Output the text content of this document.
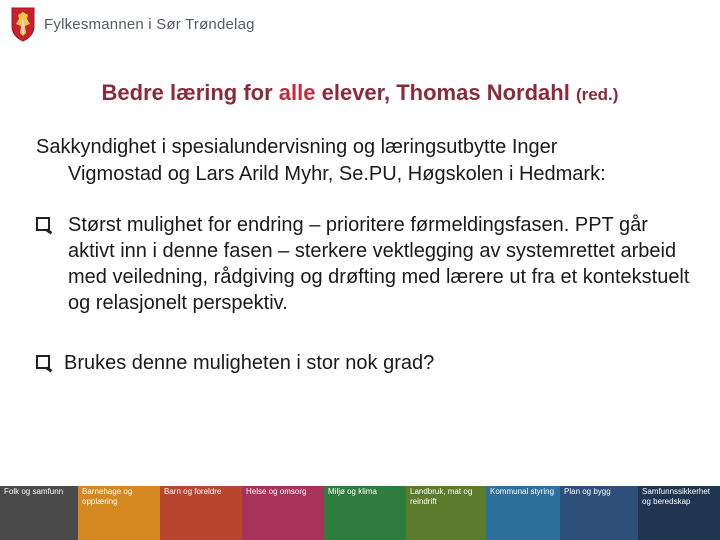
Fylkesmannen i Sør Trøndelag
Bedre læring for alle elever, Thomas Nordahl (red.)
Sakkyndighet i spesialundervisning og læringsutbytte Inger
Vigmostad og Lars Arild Myhr, Se.PU, Høgskolen i Hedmark:
Størst mulighet for endring – prioritere førmeldingsfasen. PPT går aktivt inn i denne fasen – sterkere vektlegging av systemrettet arbeid med veiledning, rådgiving og drøfting med lærere ut fra et kontekstuelt og relasjonelt perspektiv.
Brukes denne muligheten i stor nok grad?
Folk og samfunn	Barnehage og opplæring
Barn og foreldre	Helse og omsorg	Miljø og klima	Landbruk, mat og reindrift
Kommunal styring	Plan og bygg	Samfunnssikkerhet og beredskap
